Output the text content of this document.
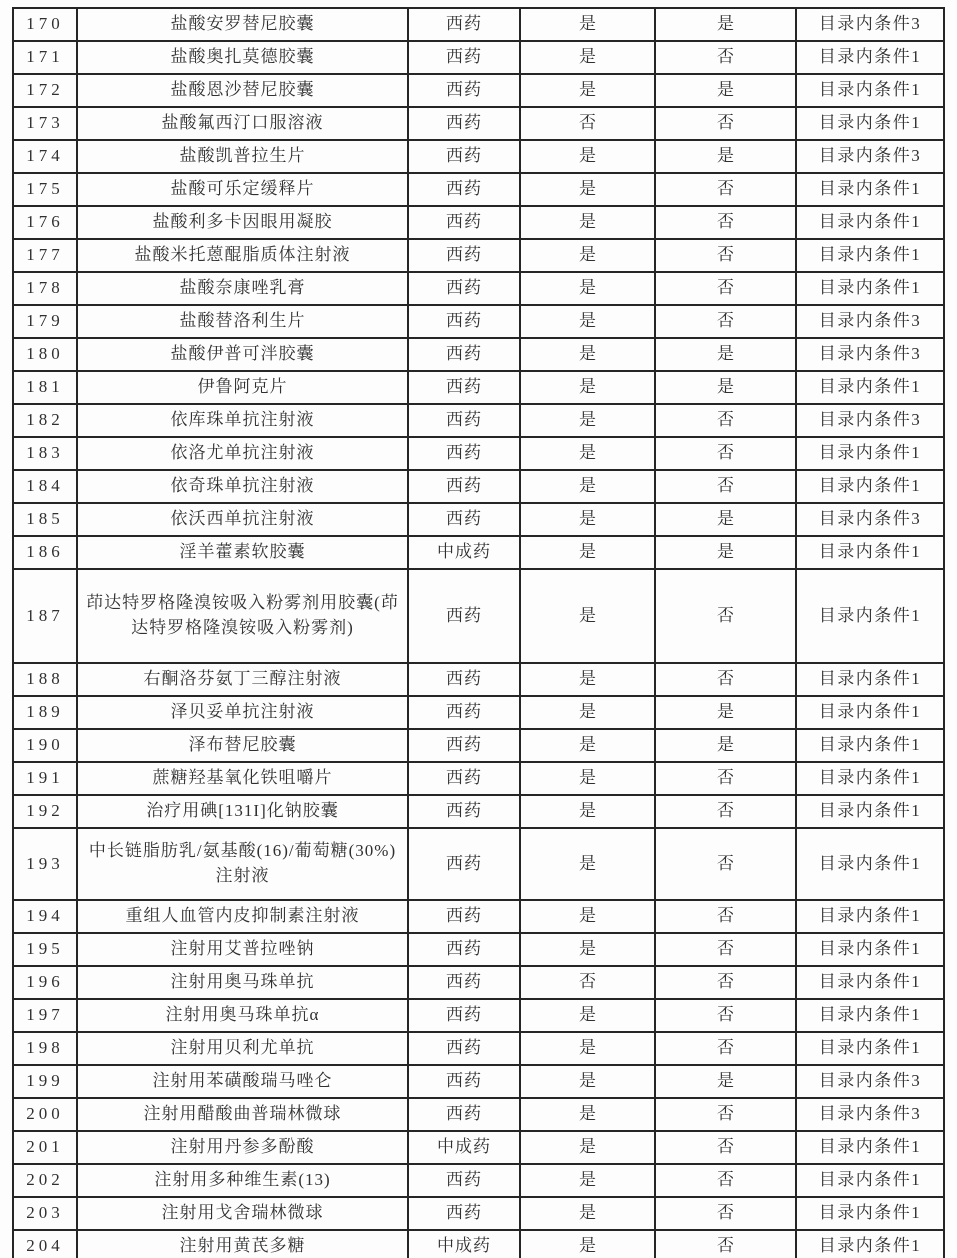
170	盐酸安罗替尼胶囊	西药	是	是	目录内条件3
171	盐酸奥扎莫德胶囊	西药	是	否	目录内条件1
172	盐酸恩沙替尼胶囊	西药	是	是	目录内条件1
173	盐酸氟西汀口服溶液	西药	否	否	目录内条件1
174	盐酸凯普拉生片	西药	是	是	目录内条件3
175	盐酸可乐定缓释片	西药	是	否	目录内条件1
176	盐酸利多卡因眼用凝胶	西药	是	否	目录内条件1
177	盐酸米托蒽醌脂质体注射液	西药	是	否	目录内条件1
178	盐酸奈康唑乳膏	西药	是	否	目录内条件1
179	盐酸替洛利生片	西药	是	否	目录内条件3
180	盐酸伊普可泮胶囊	西药	是	是	目录内条件3
181	伊鲁阿克片	西药	是	是	目录内条件1
182	依库珠单抗注射液	西药	是	否	目录内条件3
183	依洛尤单抗注射液	西药	是	否	目录内条件1
184	依奇珠单抗注射液	西药	是	否	目录内条件1
185	依沃西单抗注射液	西药	是	是	目录内条件3
186	淫羊藿素软胶囊	中成药	是	是	目录内条件1
187	茚达特罗格隆溴铵吸入粉雾剂用胶囊(茚达特罗格隆溴铵吸入粉雾剂)	西药	是	否	目录内条件1
188	右酮洛芬氨丁三醇注射液	西药	是	否	目录内条件1
189	泽贝妥单抗注射液	西药	是	是	目录内条件1
190	泽布替尼胶囊	西药	是	是	目录内条件1
191	蔗糖羟基氧化铁咀嚼片	西药	是	否	目录内条件1
192	治疗用碘[131I]化钠胶囊	西药	是	否	目录内条件1
193	中长链脂肪乳/氨基酸(16)/葡萄糖(30%)注射液	西药	是	否	目录内条件1
194	重组人血管内皮抑制素注射液	西药	是	否	目录内条件1
195	注射用艾普拉唑钠	西药	是	否	目录内条件1
196	注射用奥马珠单抗	西药	否	否	目录内条件1
197	注射用奥马珠单抗α	西药	是	否	目录内条件1
198	注射用贝利尤单抗	西药	是	否	目录内条件1
199	注射用苯磺酸瑞马唑仑	西药	是	是	目录内条件3
200	注射用醋酸曲普瑞林微球	西药	是	否	目录内条件3
201	注射用丹参多酚酸	中成药	是	否	目录内条件1
202	注射用多种维生素(13)	西药	是	否	目录内条件1
203	注射用戈舍瑞林微球	西药	是	否	目录内条件1
204	注射用黄芪多糖	中成药	是	否	目录内条件1
